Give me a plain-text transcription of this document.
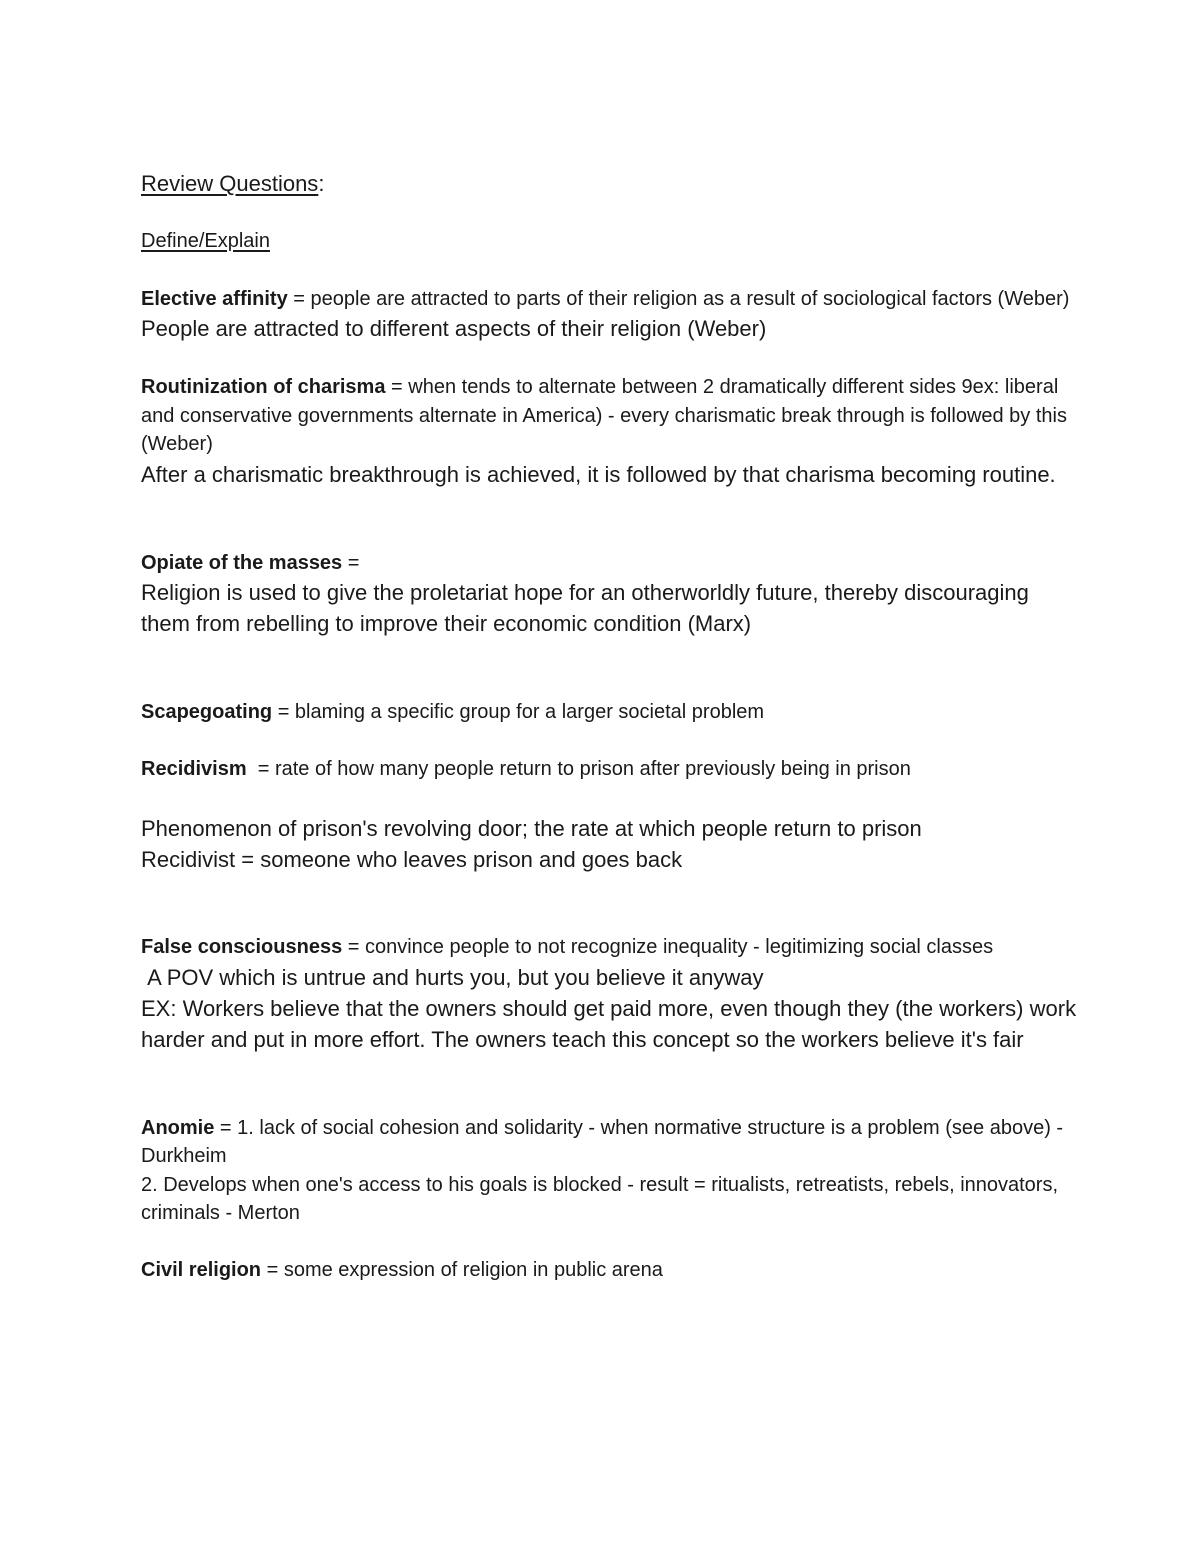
Review Questions:

Define/Explain

Elective affinity = people are attracted to parts of their religion as a result of sociological factors (Weber)

People are attracted to different aspects of their religion (Weber)

Routinization of charisma = when tends to alternate between 2 dramatically different sides 9ex: liberal and conservative governments alternate in America) - every charismatic break through is followed by this (Weber)

After a charismatic breakthrough is achieved, it is followed by that charisma becoming routine.

Opiate of the masses =

Religion is used to give the proletariat hope for an otherworldly future, thereby discouraging them from rebelling to improve their economic condition (Marx)

Scapegoating = blaming a specific group for a larger societal problem

Recidivism  = rate of how many people return to prison after previously being in prison

Phenomenon of prison's revolving door; the rate at which people return to prison

Recidivist = someone who leaves prison and goes back

False consciousness = convince people to not recognize inequality - legitimizing social classes

A POV which is untrue and hurts you, but you believe it anyway

EX: Workers believe that the owners should get paid more, even though they (the workers) work harder and put in more effort. The owners teach this concept so the workers believe it's fair

Anomie = 1. lack of social cohesion and solidarity - when normative structure is a problem (see above) - Durkheim

2. Develops when one's access to his goals is blocked - result = ritualists, retreatists, rebels, innovators, criminals - Merton

Civil religion = some expression of religion in public arena
